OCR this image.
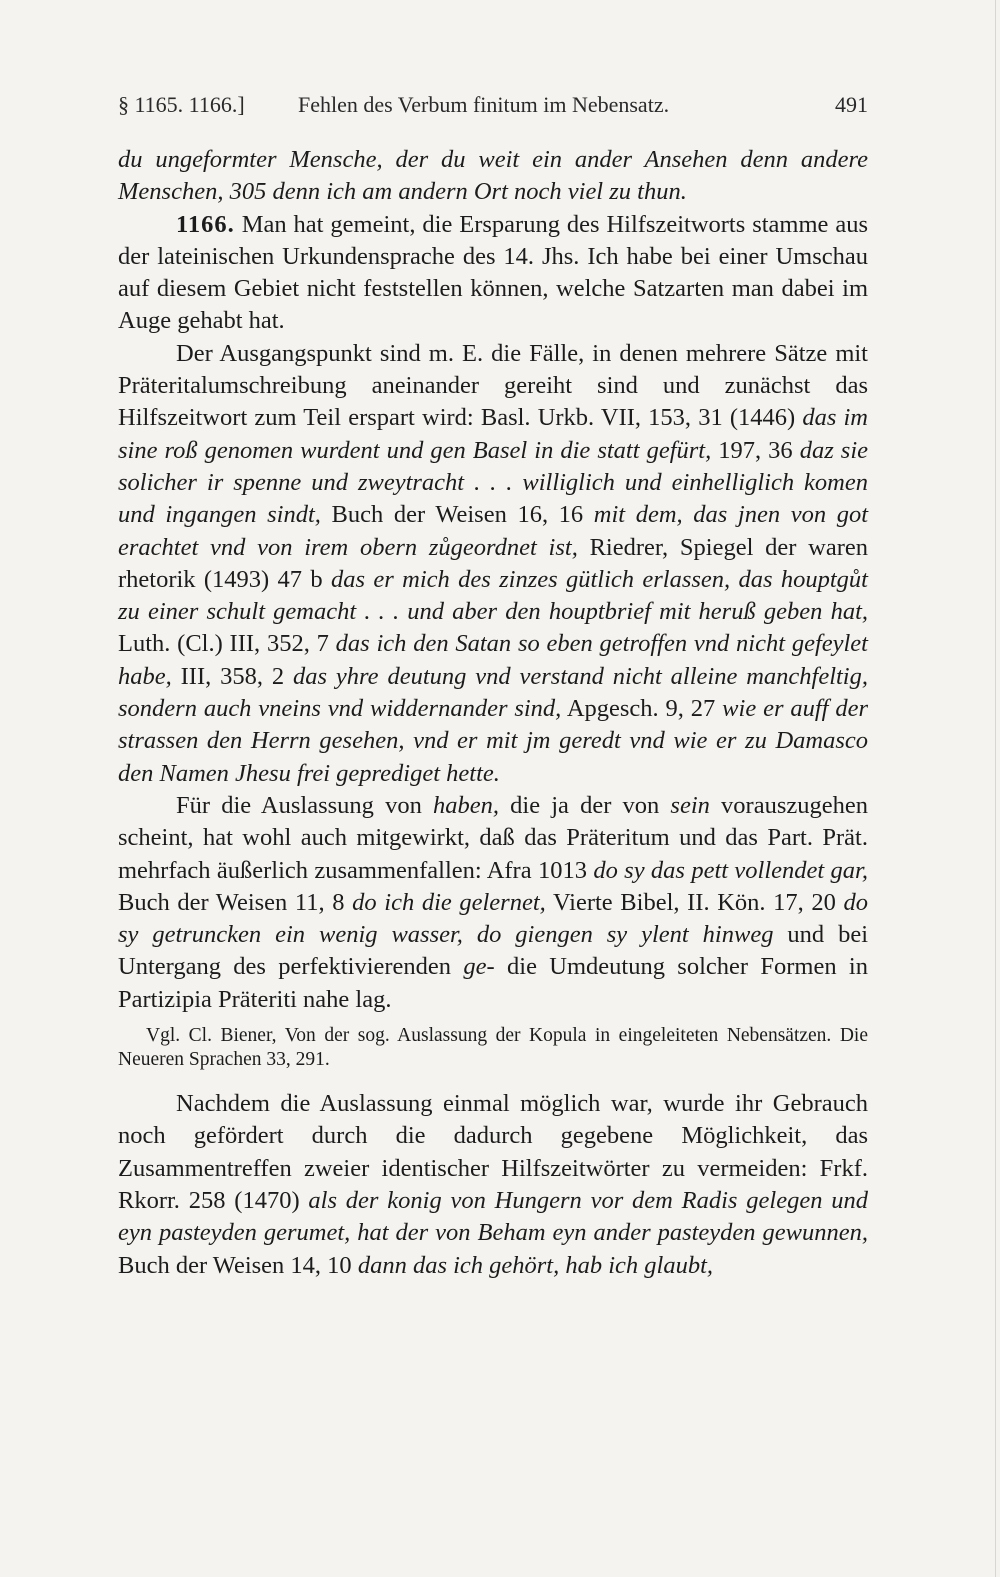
§ 1165. 1166.] Fehlen des Verbum finitum im Nebensatz.	491

du ungeformter Mensche, der du weit ein ander Ansehen denn andere Menschen, 305 denn ich am andern Ort noch viel zu thun.

1166. Man hat gemeint, die Ersparung des Hilfszeitworts stamme aus der lateinischen Urkundensprache des 14. Jhs. Ich habe bei einer Umschau auf diesem Gebiet nicht feststellen können, welche Satzarten man dabei im Auge gehabt hat.

Der Ausgangspunkt sind m. E. die Fälle, in denen mehrere Sätze mit Präteritalumschreibung aneinander gereiht sind und zunächst das Hilfszeitwort zum Teil erspart wird: Basl. Urkb. VII, 153, 31 (1446) das im sine roß genomen wurdent und gen Basel in die statt gefürt, 197, 36 daz sie solicher ir spenne und zweytracht . . . williglich und einhelliglich komen und ingangen sindt, Buch der Weisen 16, 16 mit dem, das jnen von got erachtet vnd von irem obern zůgeordnet ist, Riedrer, Spiegel der waren rhetorik (1493) 47 b das er mich des zinzes gütlich erlassen, das houptgůt zu einer schult gemacht . . . und aber den houptbrief mit heruß geben hat, Luth. (Cl.) III, 352, 7 das ich den Satan so eben getroffen vnd nicht gefeylet habe, III, 358, 2 das yhre deutung vnd verstand nicht alleine manchfeltig, sondern auch vneins vnd widdernander sind, Apgesch. 9, 27 wie er auff der strassen den Herrn gesehen, vnd er mit jm geredt vnd wie er zu Damasco den Namen Jhesu frei geprediget hette.

Für die Auslassung von haben, die ja der von sein vorauszugehen scheint, hat wohl auch mitgewirkt, daß das Präteritum und das Part. Prät. mehrfach äußerlich zusammenfallen: Afra 1013 do sy das pett vollendet gar, Buch der Weisen 11, 8 do ich die gelernet, Vierte Bibel, II. Kön. 17, 20 do sy getruncken ein wenig wasser, do giengen sy ylent hinweg und bei Untergang des perfektivierenden ge- die Umdeutung solcher Formen in Partizipia Präteriti nahe lag.

Vgl. Cl. Biener, Von der sog. Auslassung der Kopula in eingeleiteten Nebensätzen. Die Neueren Sprachen 33, 291.

Nachdem die Auslassung einmal möglich war, wurde ihr Gebrauch noch gefördert durch die dadurch gegebene Möglichkeit, das Zusammentreffen zweier identischer Hilfszeitwörter zu vermeiden: Frkf. Rkorr. 258 (1470) als der konig von Hungern vor dem Radis gelegen und eyn pasteyden gerumet, hat der von Beham eyn ander pasteyden gewunnen, Buch der Weisen 14, 10 dann das ich gehört, hab ich glaubt,
